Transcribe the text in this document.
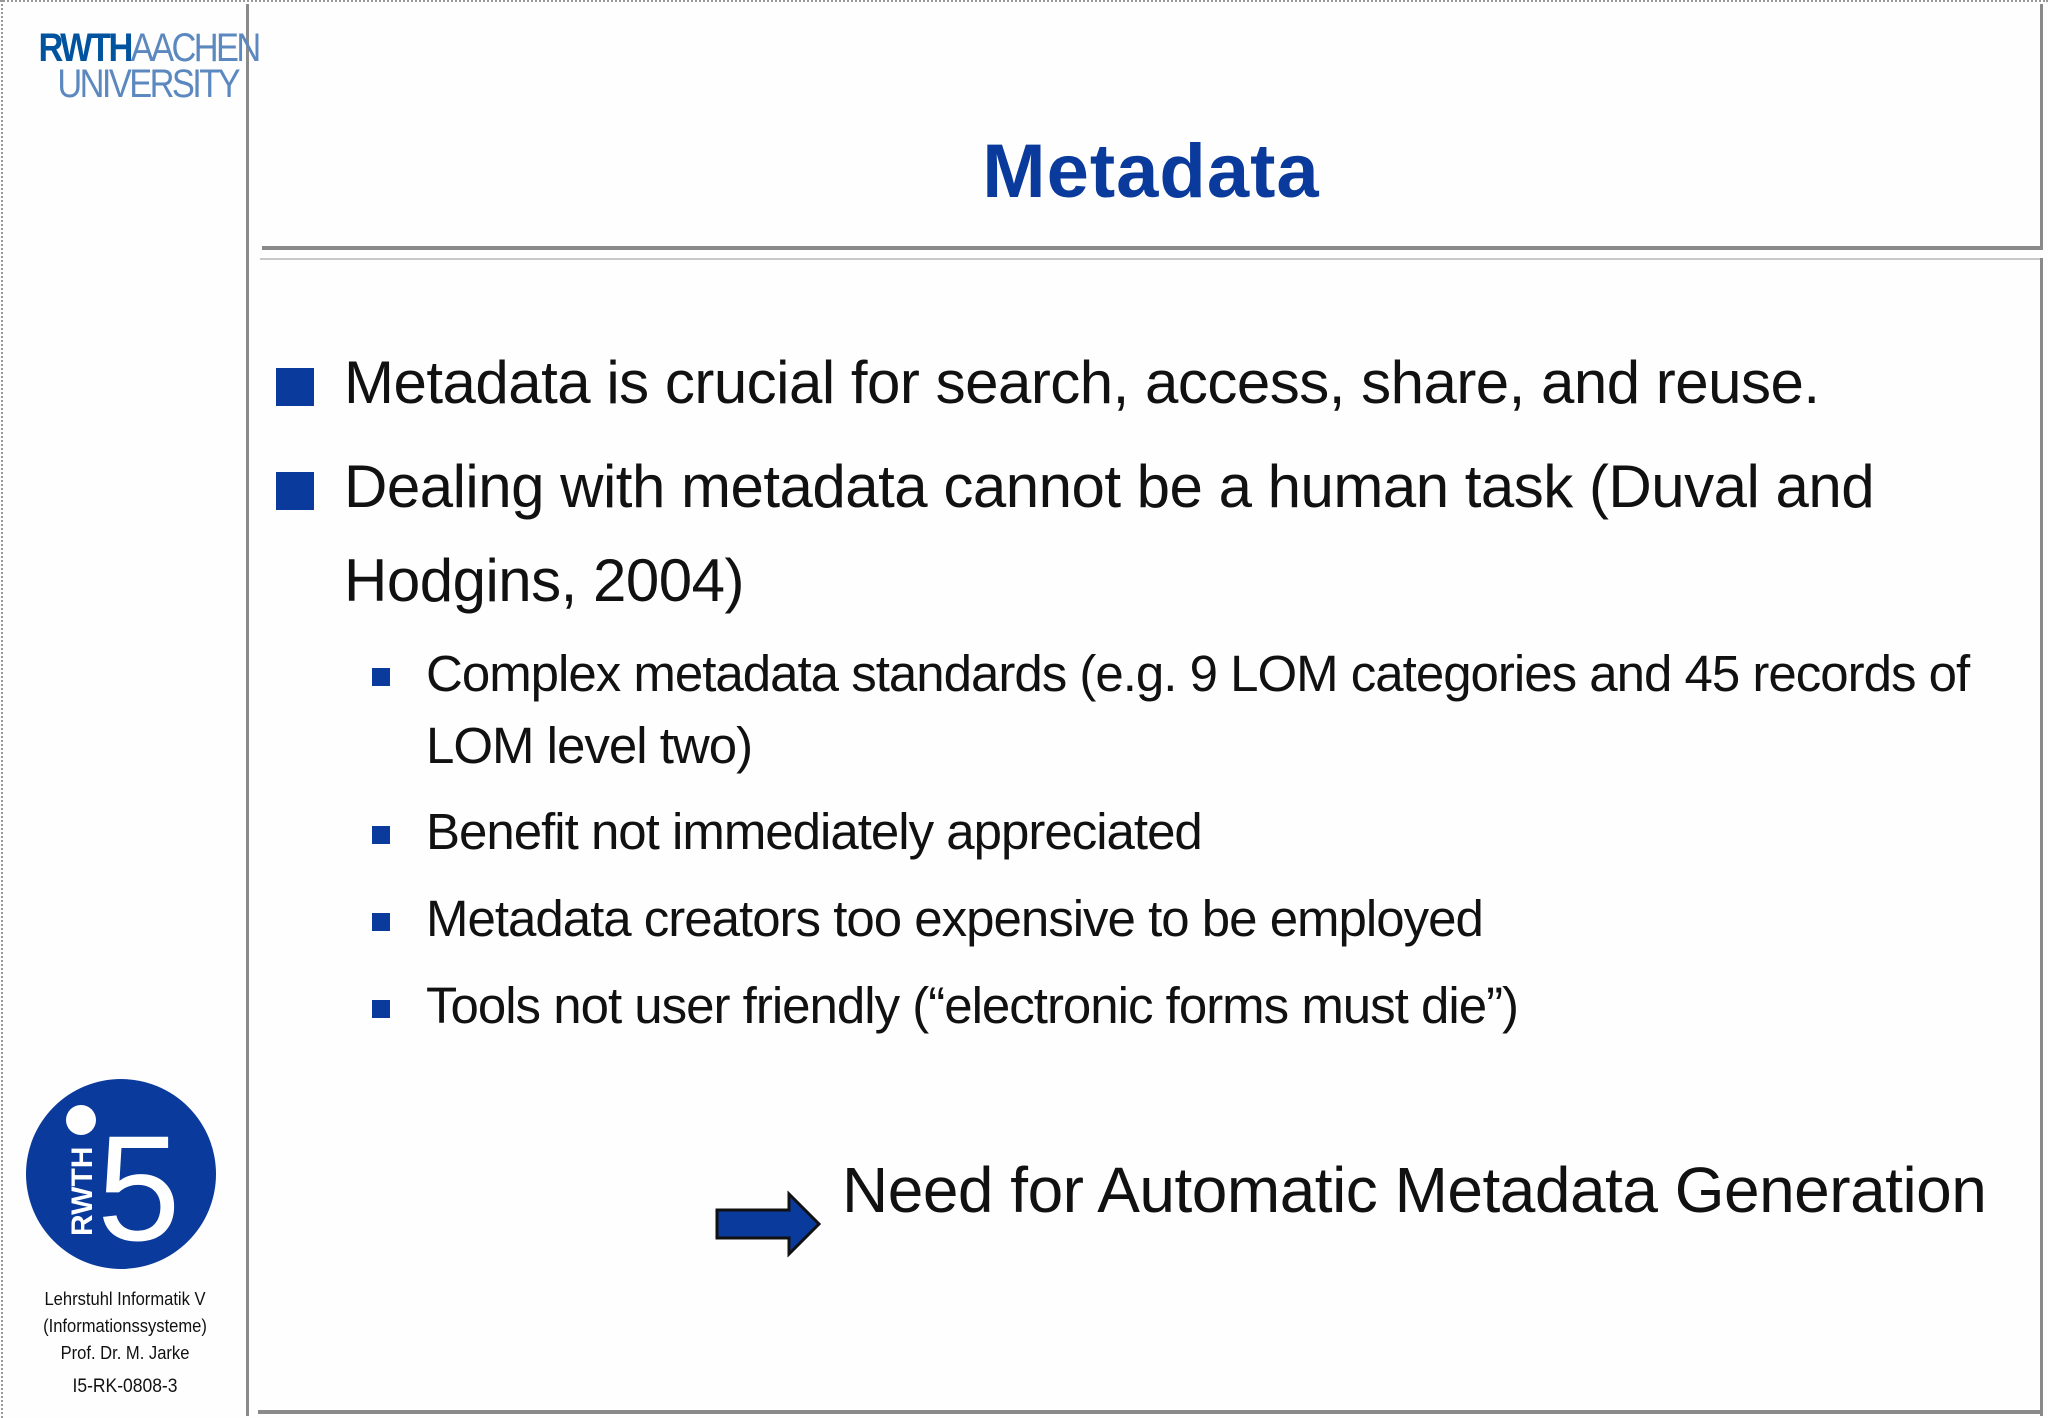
RWTHAACHEN
UNIVERSITY
RWTH
5
Lehrstuhl Informatik V
(Informationssysteme)
Prof. Dr. M. Jarke
I5-RK-0808-3
Metadata
Metadata is crucial for search, access, share, and reuse.
Dealing with metadata cannot be a human task (Duval and Hodgins, 2004)
Complex metadata standards (e.g. 9 LOM categories and 45 records of LOM level two)
Benefit not immediately appreciated
Metadata creators too expensive to be employed
Tools not user friendly (“electronic forms must die”)
Need for Automatic Metadata Generation
